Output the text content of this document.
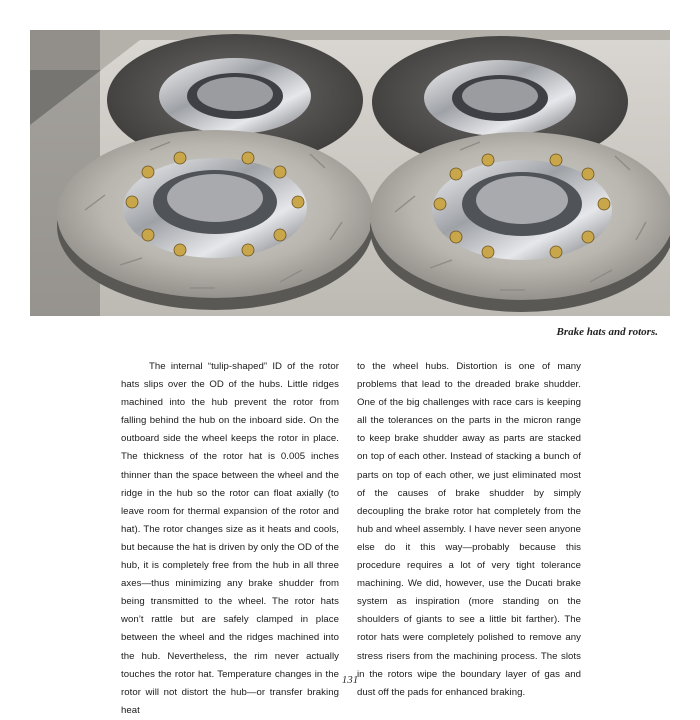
Brake hats and rotors.

The internal “tulip-shaped” ID of the rotor hats slips over the OD of the hubs. Little ridges machined into the hub prevent the rotor from falling behind the hub on the inboard side. On the outboard side the wheel keeps the rotor in place. The thickness of the rotor hat is 0.005 inches thinner than the space between the wheel and the ridge in the hub so the rotor can float axially (to leave room for thermal expansion of the rotor and hat). The rotor changes size as it heats and cools, but because the hat is driven by only the OD of the hub, it is completely free from the hub in all three axes—thus minimizing any brake shudder from being transmitted to the wheel. The rotor hats won’t rattle but are safely clamped in place between the wheel and the ridges machined into the hub. Nevertheless, the rim never actually touches the rotor hat. Temperature changes in the rotor will not distort the hub—or transfer braking heat

to the wheel hubs. Distortion is one of many problems that lead to the dreaded brake shudder. One of the big challenges with race cars is keeping all the tolerances on the parts in the micron range to keep brake shudder away as parts are stacked on top of each other. Instead of stacking a bunch of parts on top of each other, we just eliminated most of the causes of brake shudder by simply decoupling the brake rotor hat completely from the hub and wheel assembly. I have never seen anyone else do it this way—probably because this procedure requires a lot of very tight tolerance machining. We did, however, use the Ducati brake system as inspiration (more standing on the shoulders of giants to see a little bit farther). The rotor hats were completely polished to remove any stress risers from the machining process. The slots in the rotors wipe the boundary layer of gas and dust off the pads for enhanced braking.

131
